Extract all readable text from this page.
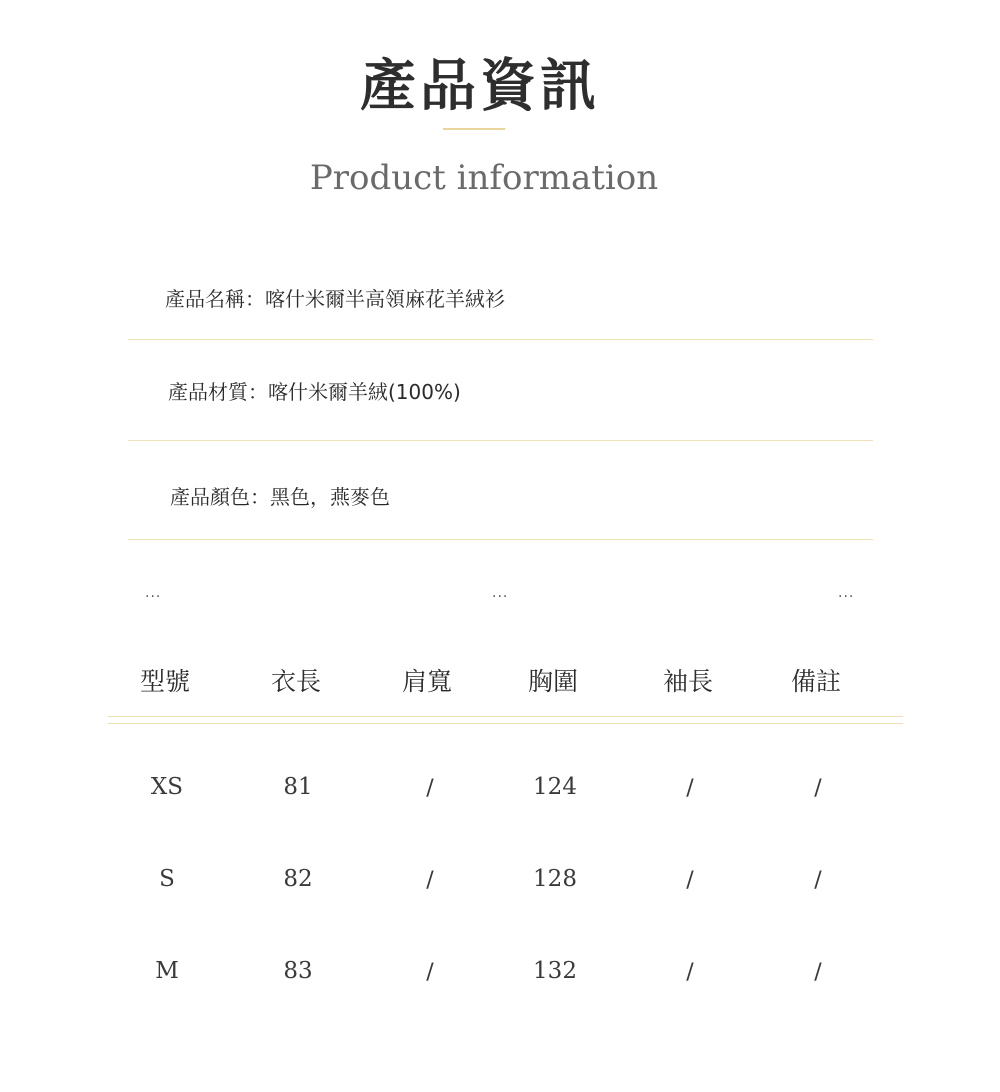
產品資訊
Product information
產品名稱：喀什米爾半高領麻花羊絨衫
產品材質：喀什米爾羊絨(100%)
產品顏色：黑色，燕麥色
...	...	...
型號	衣長	肩寬	胸圍	袖長	備註
XS	81	/	124	/	/
S	82	/	128	/	/
M	83	/	132	/	/
